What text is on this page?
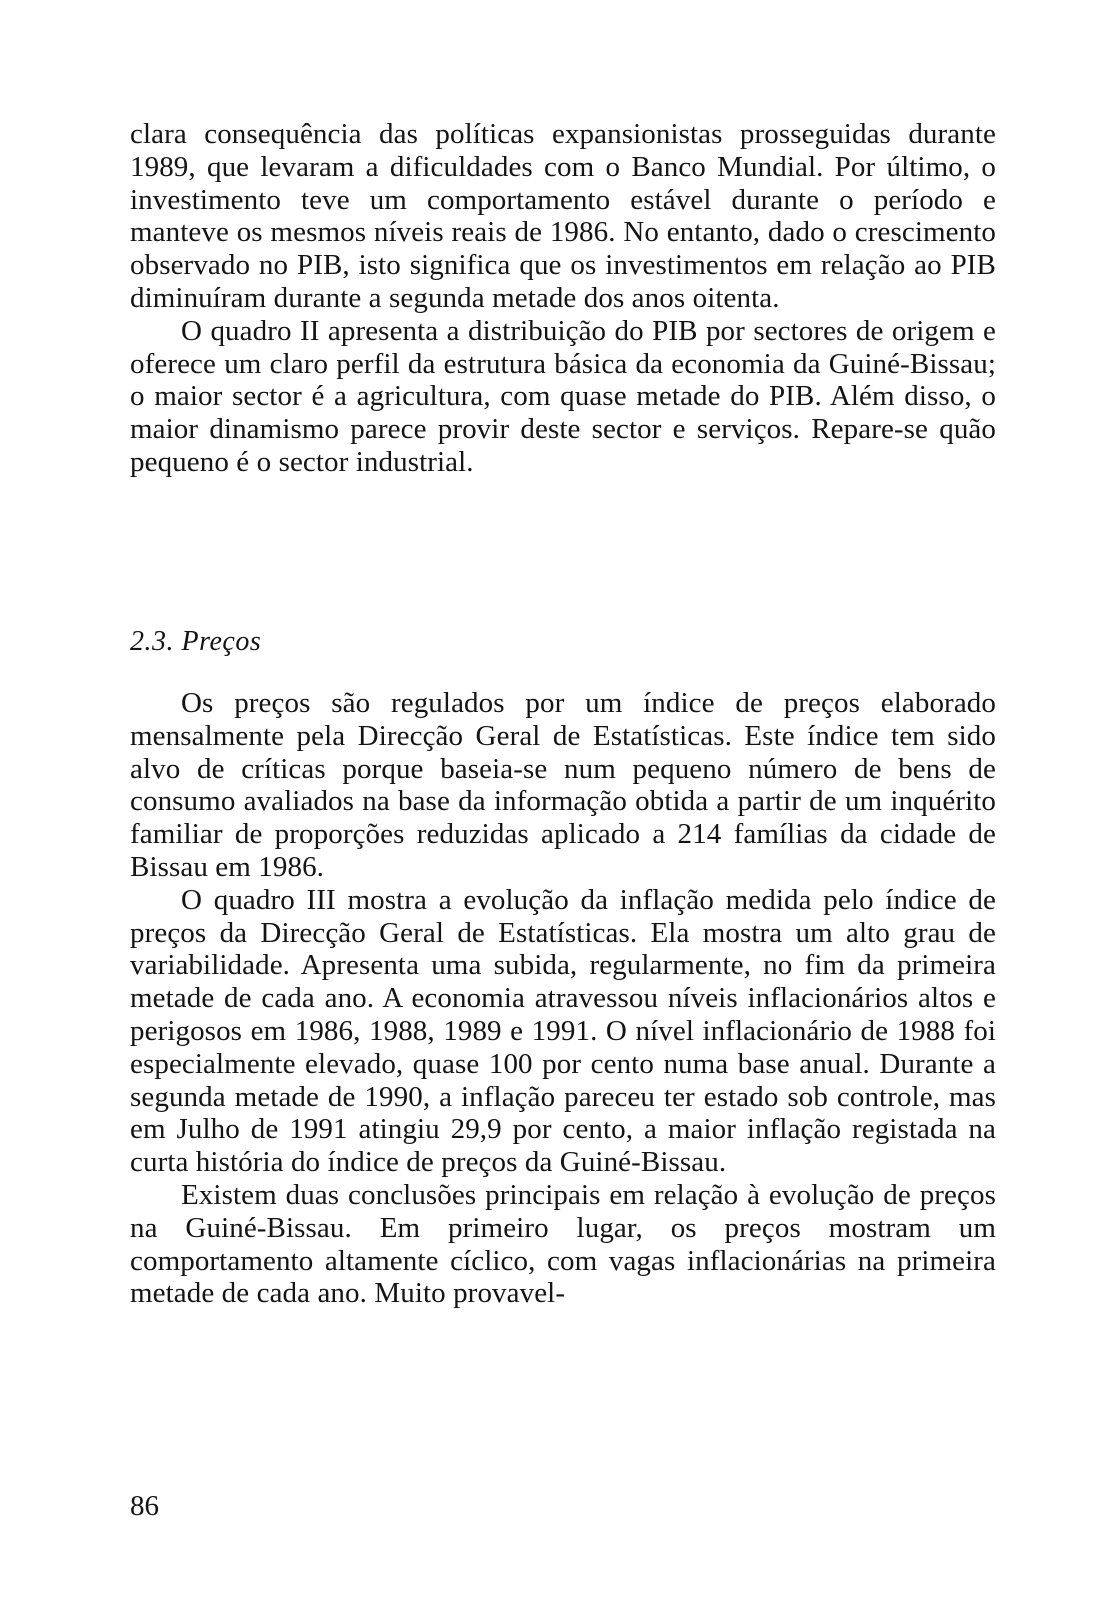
clara consequência das políticas expansionistas prosseguidas durante 1989, que levaram a dificuldades com o Banco Mundial. Por último, o investimento teve um comportamento estável durante o período e manteve os mesmos níveis reais de 1986. No entanto, dado o crescimento observado no PIB, isto significa que os investimentos em relação ao PIB diminuíram durante a segunda metade dos anos oitenta.

O quadro II apresenta a distribuição do PIB por sectores de origem e oferece um claro perfil da estrutura básica da economia da Guiné-Bissau; o maior sector é a agricultura, com quase metade do PIB. Além disso, o maior dinamismo parece provir deste sector e serviços. Repare-se quão pequeno é o sector industrial.

2.3. Preços

Os preços são regulados por um índice de preços elaborado mensalmente pela Direcção Geral de Estatísticas. Este índice tem sido alvo de críticas porque baseia-se num pequeno número de bens de consumo avaliados na base da informação obtida a partir de um inquérito familiar de proporções reduzidas aplicado a 214 famílias da cidade de Bissau em 1986.

O quadro III mostra a evolução da inflação medida pelo índice de preços da Direcção Geral de Estatísticas. Ela mostra um alto grau de variabilidade. Apresenta uma subida, regularmente, no fim da primeira metade de cada ano. A economia atravessou níveis inflacionários altos e perigosos em 1986, 1988, 1989 e 1991. O nível inflacionário de 1988 foi especialmente elevado, quase 100 por cento numa base anual. Durante a segunda metade de 1990, a inflação pareceu ter estado sob controle, mas em Julho de 1991 atingiu 29,9 por cento, a maior inflação registada na curta história do índice de preços da Guiné-Bissau.

Existem duas conclusões principais em relação à evolução de preços na Guiné-Bissau. Em primeiro lugar, os preços mostram um comportamento altamente cíclico, com vagas inflacionárias na primeira metade de cada ano. Muito provavel-

86
